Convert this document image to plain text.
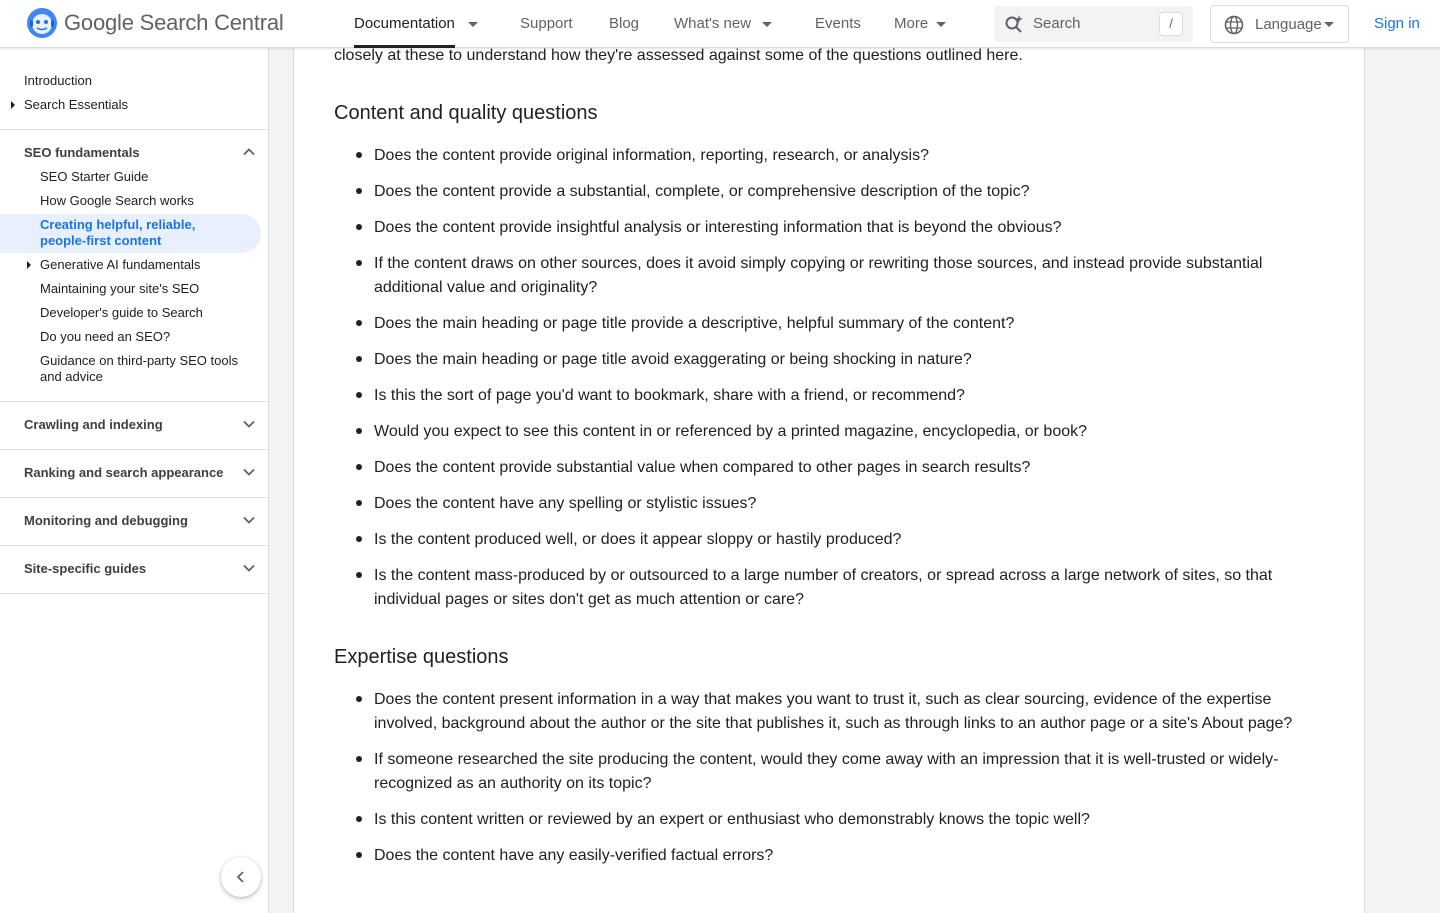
Google Search Central	Documentation	Support Blog What's new	Events More	Search	/	Language	Sign in
Introduction
Search Essentials
SEO fundamentals
SEO Starter Guide
How Google Search works
Creating helpful, reliable, people-first content
Generative AI fundamentals
Maintaining your site's SEO
Developer's guide to Search
Do you need an SEO?
Guidance on third-party SEO tools and advice
Crawling and indexing
Ranking and search appearance
Monitoring and debugging
Site-specific guides
closely at these to understand how they're assessed against some of the questions outlined here.
Content and quality questions
Does the content provide original information, reporting, research, or analysis?
Does the content provide a substantial, complete, or comprehensive description of the topic?
Does the content provide insightful analysis or interesting information that is beyond the obvious?
If the content draws on other sources, does it avoid simply copying or rewriting those sources, and instead provide substantial additional value and originality?
Does the main heading or page title provide a descriptive, helpful summary of the content?
Does the main heading or page title avoid exaggerating or being shocking in nature?
Is this the sort of page you'd want to bookmark, share with a friend, or recommend?
Would you expect to see this content in or referenced by a printed magazine, encyclopedia, or book?
Does the content provide substantial value when compared to other pages in search results?
Does the content have any spelling or stylistic issues?
Is the content produced well, or does it appear sloppy or hastily produced?
Is the content mass-produced by or outsourced to a large number of creators, or spread across a large network of sites, so that individual pages or sites don't get as much attention or care?
Expertise questions
Does the content present information in a way that makes you want to trust it, such as clear sourcing, evidence of the expertise involved, background about the author or the site that publishes it, such as through links to an author page or a site's About page?
If someone researched the site producing the content, would they come away with an impression that it is well-trusted or widely-recognized as an authority on its topic?
Is this content written or reviewed by an expert or enthusiast who demonstrably knows the topic well?
Does the content have any easily-verified factual errors?
